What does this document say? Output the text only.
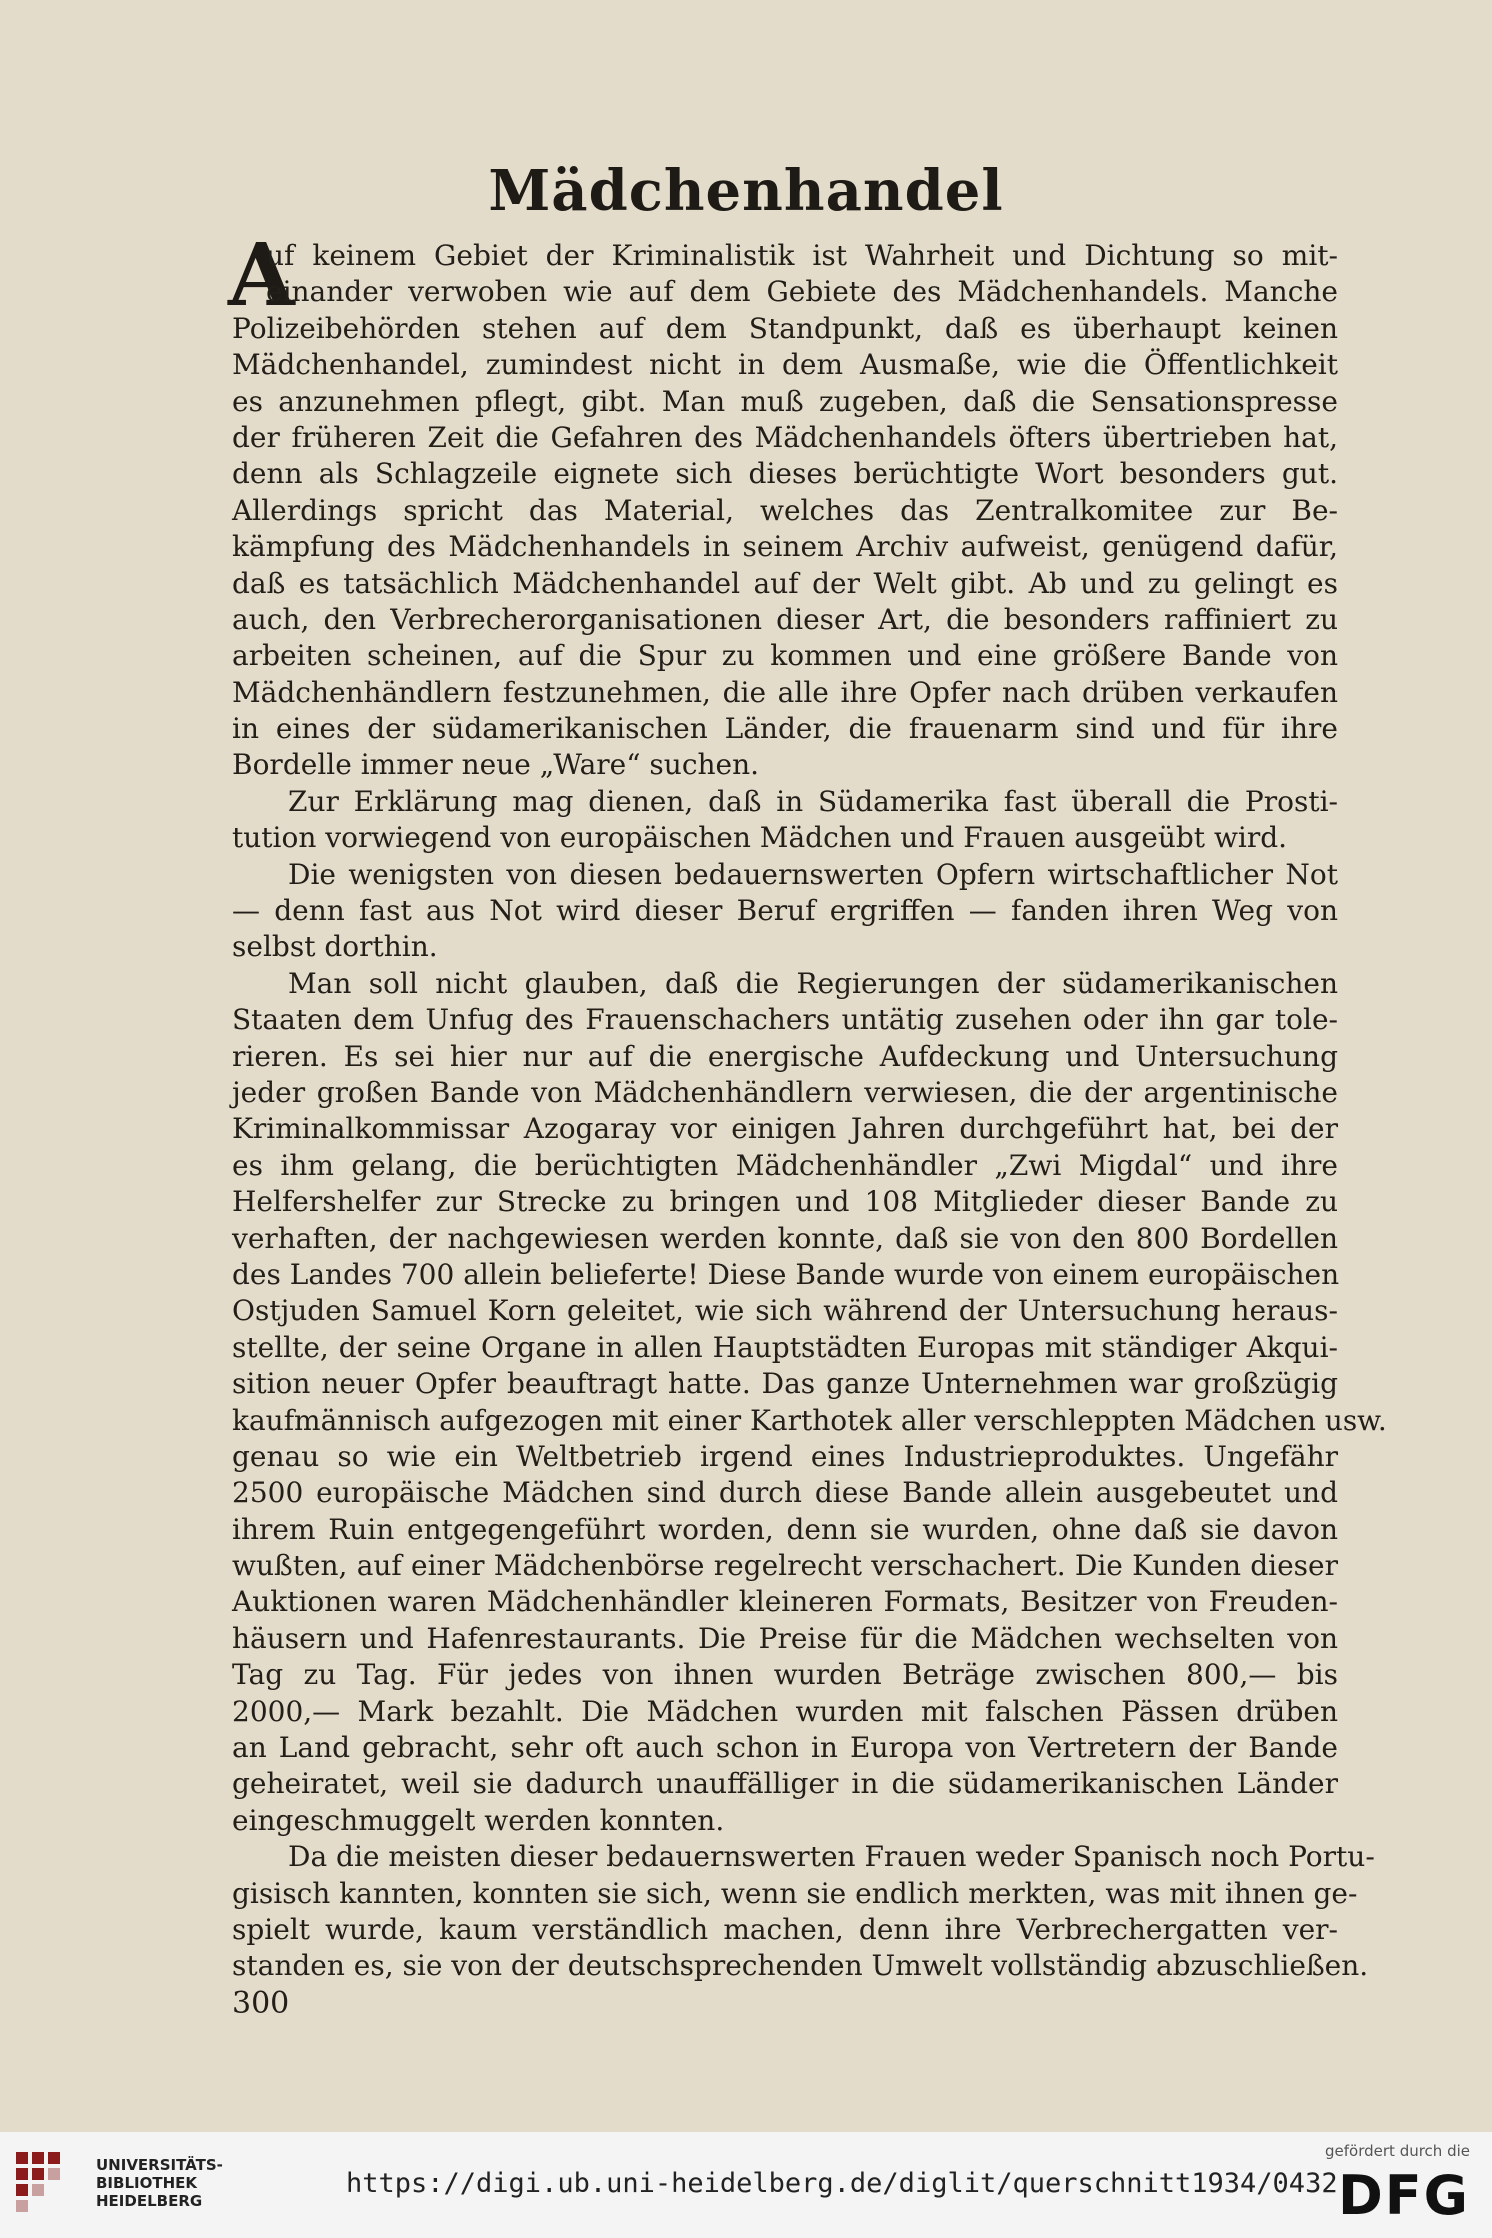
Mädchenhandel
A
uf keinem Gebiet der Kriminalistik ist Wahrheit und Dichtung so mit-
einander verwoben wie auf dem Gebiete des Mädchenhandels. Manche
Polizeibehörden stehen auf dem Standpunkt, daß es überhaupt keinen
Mädchenhandel, zumindest nicht in dem Ausmaße, wie die Öffentlichkeit
es anzunehmen pflegt, gibt. Man muß zugeben, daß die Sensationspresse
der früheren Zeit die Gefahren des Mädchenhandels öfters übertrieben hat,
denn als Schlagzeile eignete sich dieses berüchtigte Wort besonders gut.
Allerdings spricht das Material, welches das Zentralkomitee zur Be-
kämpfung des Mädchenhandels in seinem Archiv aufweist, genügend dafür,
daß es tatsächlich Mädchenhandel auf der Welt gibt. Ab und zu gelingt es
auch, den Verbrecherorganisationen dieser Art, die besonders raffiniert zu
arbeiten scheinen, auf die Spur zu kommen und eine größere Bande von
Mädchenhändlern festzunehmen, die alle ihre Opfer nach drüben verkaufen
in eines der südamerikanischen Länder, die frauenarm sind und für ihre
Bordelle immer neue „Ware“ suchen.
Zur Erklärung mag dienen, daß in Südamerika fast überall die Prosti-
tution vorwiegend von europäischen Mädchen und Frauen ausgeübt wird.
Die wenigsten von diesen bedauernswerten Opfern wirtschaftlicher Not
— denn fast aus Not wird dieser Beruf ergriffen — fanden ihren Weg von
selbst dorthin.
Man soll nicht glauben, daß die Regierungen der südamerikanischen
Staaten dem Unfug des Frauenschachers untätig zusehen oder ihn gar tole-
rieren. Es sei hier nur auf die energische Aufdeckung und Untersuchung
jeder großen Bande von Mädchenhändlern verwiesen, die der argentinische
Kriminalkommissar Azogaray vor einigen Jahren durchgeführt hat, bei der
es ihm gelang, die berüchtigten Mädchenhändler „Zwi Migdal“ und ihre
Helfershelfer zur Strecke zu bringen und 108 Mitglieder dieser Bande zu
verhaften, der nachgewiesen werden konnte, daß sie von den 800 Bordellen
des Landes 700 allein belieferte! Diese Bande wurde von einem europäischen
Ostjuden Samuel Korn geleitet, wie sich während der Untersuchung heraus-
stellte, der seine Organe in allen Hauptstädten Europas mit ständiger Akqui-
sition neuer Opfer beauftragt hatte. Das ganze Unternehmen war großzügig
kaufmännisch aufgezogen mit einer Karthotek aller verschleppten Mädchen usw.
genau so wie ein Weltbetrieb irgend eines Industrieproduktes. Ungefähr
2500 europäische Mädchen sind durch diese Bande allein ausgebeutet und
ihrem Ruin entgegengeführt worden, denn sie wurden, ohne daß sie davon
wußten, auf einer Mädchenbörse regelrecht verschachert. Die Kunden dieser
Auktionen waren Mädchenhändler kleineren Formats, Besitzer von Freuden-
häusern und Hafenrestaurants. Die Preise für die Mädchen wechselten von
Tag zu Tag. Für jedes von ihnen wurden Beträge zwischen 800,— bis
2000,— Mark bezahlt. Die Mädchen wurden mit falschen Pässen drüben
an Land gebracht, sehr oft auch schon in Europa von Vertretern der Bande
geheiratet, weil sie dadurch unauffälliger in die südamerikanischen Länder
eingeschmuggelt werden konnten.
Da die meisten dieser bedauernswerten Frauen weder Spanisch noch Portu-
gisisch kannten, konnten sie sich, wenn sie endlich merkten, was mit ihnen ge-
spielt wurde, kaum verständlich machen, denn ihre Verbrechergatten ver-
standen es, sie von der deutschsprechenden Umwelt vollständig abzuschließen.
300
UNIVERSITÄTS-
BIBLIOTHEK
HEIDELBERG
https://digi.ub.uni-heidelberg.de/diglit/querschnitt1934/0432
gefördert durch die
DFG
